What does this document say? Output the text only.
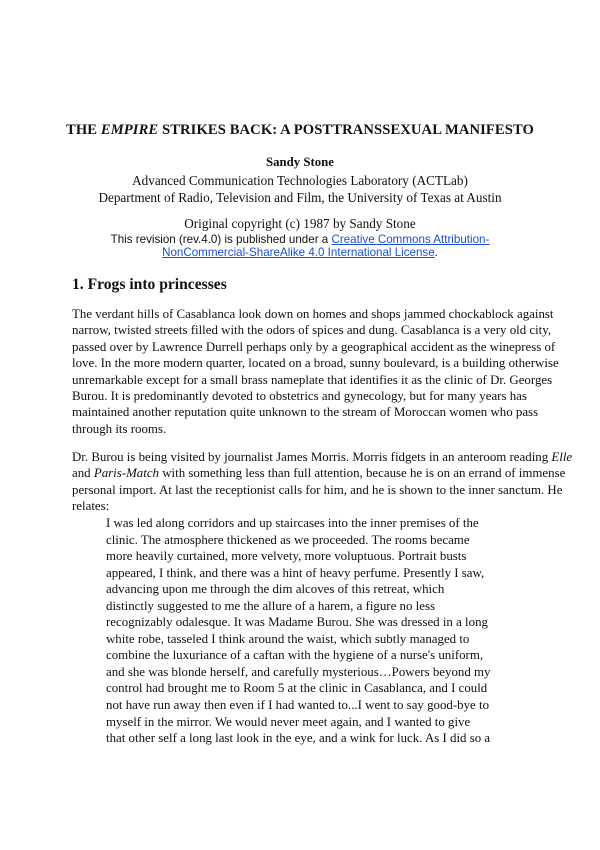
THE EMPIRE STRIKES BACK: A POSTTRANSSEXUAL MANIFESTO
Sandy Stone
Advanced Communication Technologies Laboratory (ACTLab)
Department of Radio, Television and Film, the University of Texas at Austin
Original copyright (c) 1987 by Sandy Stone
This revision (rev.4.0) is published under a Creative Commons Attribution-
NonCommercial-ShareAlike 4.0 International License.
1. Frogs into princesses
The verdant hills of Casablanca look down on homes and shops jammed chockablock against
narrow, twisted streets filled with the odors of spices and dung. Casablanca is a very old city,
passed over by Lawrence Durrell perhaps only by a geographical accident as the winepress of
love. In the more modern quarter, located on a broad, sunny boulevard, is a building otherwise
unremarkable except for a small brass nameplate that identifies it as the clinic of Dr. Georges
Burou. It is predominantly devoted to obstetrics and gynecology, but for many years has
maintained another reputation quite unknown to the stream of Moroccan women who pass
through its rooms.
Dr. Burou is being visited by journalist James Morris. Morris fidgets in an anteroom reading Elle
and Paris-Match with something less than full attention, because he is on an errand of immense
personal import. At last the receptionist calls for him, and he is shown to the inner sanctum. He
relates:
I was led along corridors and up staircases into the inner premises of the
clinic. The atmosphere thickened as we proceeded. The rooms became
more heavily curtained, more velvety, more voluptuous. Portrait busts
appeared, I think, and there was a hint of heavy perfume. Presently I saw,
advancing upon me through the dim alcoves of this retreat, which
distinctly suggested to me the allure of a harem, a figure no less
recognizably odalesque. It was Madame Burou. She was dressed in a long
white robe, tasseled I think around the waist, which subtly managed to
combine the luxuriance of a caftan with the hygiene of a nurse's uniform,
and she was blonde herself, and carefully mysterious…Powers beyond my
control had brought me to Room 5 at the clinic in Casablanca, and I could
not have run away then even if I had wanted to...I went to say good-bye to
myself in the mirror. We would never meet again, and I wanted to give
that other self a long last look in the eye, and a wink for luck. As I did so a
